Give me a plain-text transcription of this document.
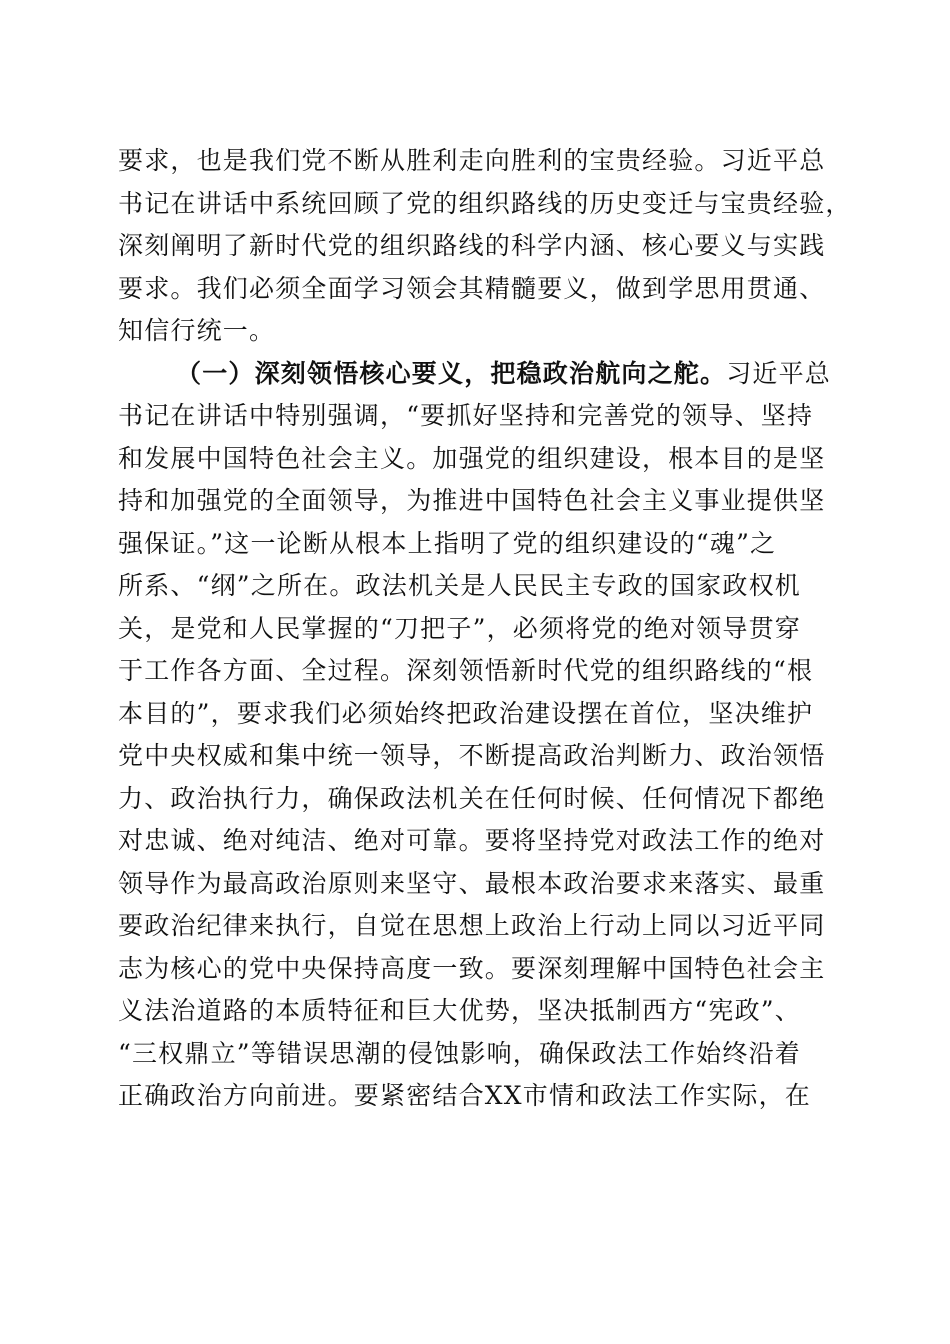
要求，也是我们党不断从胜利走向胜利的宝贵经验。习近平总
书记在讲话中系统回顾了党的组织路线的历史变迁与宝贵经验，
深刻阐明了新时代党的组织路线的科学内涵、核心要义与实践
要求。我们必须全面学习领会其精髓要义，做到学思用贯通、
知信行统一。
（一）深刻领悟核心要义，把稳政治航向之舵。习近平总
书记在讲话中特别强调，“要抓好坚持和完善党的领导、坚持
和发展中国特色社会主义。加强党的组织建设，根本目的是坚
持和加强党的全面领导，为推进中国特色社会主义事业提供坚
强保证。”这一论断从根本上指明了党的组织建设的“魂”之
所系、“纲”之所在。政法机关是人民民主专政的国家政权机
关，是党和人民掌握的“刀把子”，必须将党的绝对领导贯穿
于工作各方面、全过程。深刻领悟新时代党的组织路线的“根
本目的”，要求我们必须始终把政治建设摆在首位，坚决维护
党中央权威和集中统一领导，不断提高政治判断力、政治领悟
力、政治执行力，确保政法机关在任何时候、任何情况下都绝
对忠诚、绝对纯洁、绝对可靠。要将坚持党对政法工作的绝对
领导作为最高政治原则来坚守、最根本政治要求来落实、最重
要政治纪律来执行，自觉在思想上政治上行动上同以习近平同
志为核心的党中央保持高度一致。要深刻理解中国特色社会主
义法治道路的本质特征和巨大优势，坚决抵制西方“宪政”、
“三权鼎立”等错误思潮的侵蚀影响，确保政法工作始终沿着
正确政治方向前进。要紧密结合XX市情和政法工作实际，在
